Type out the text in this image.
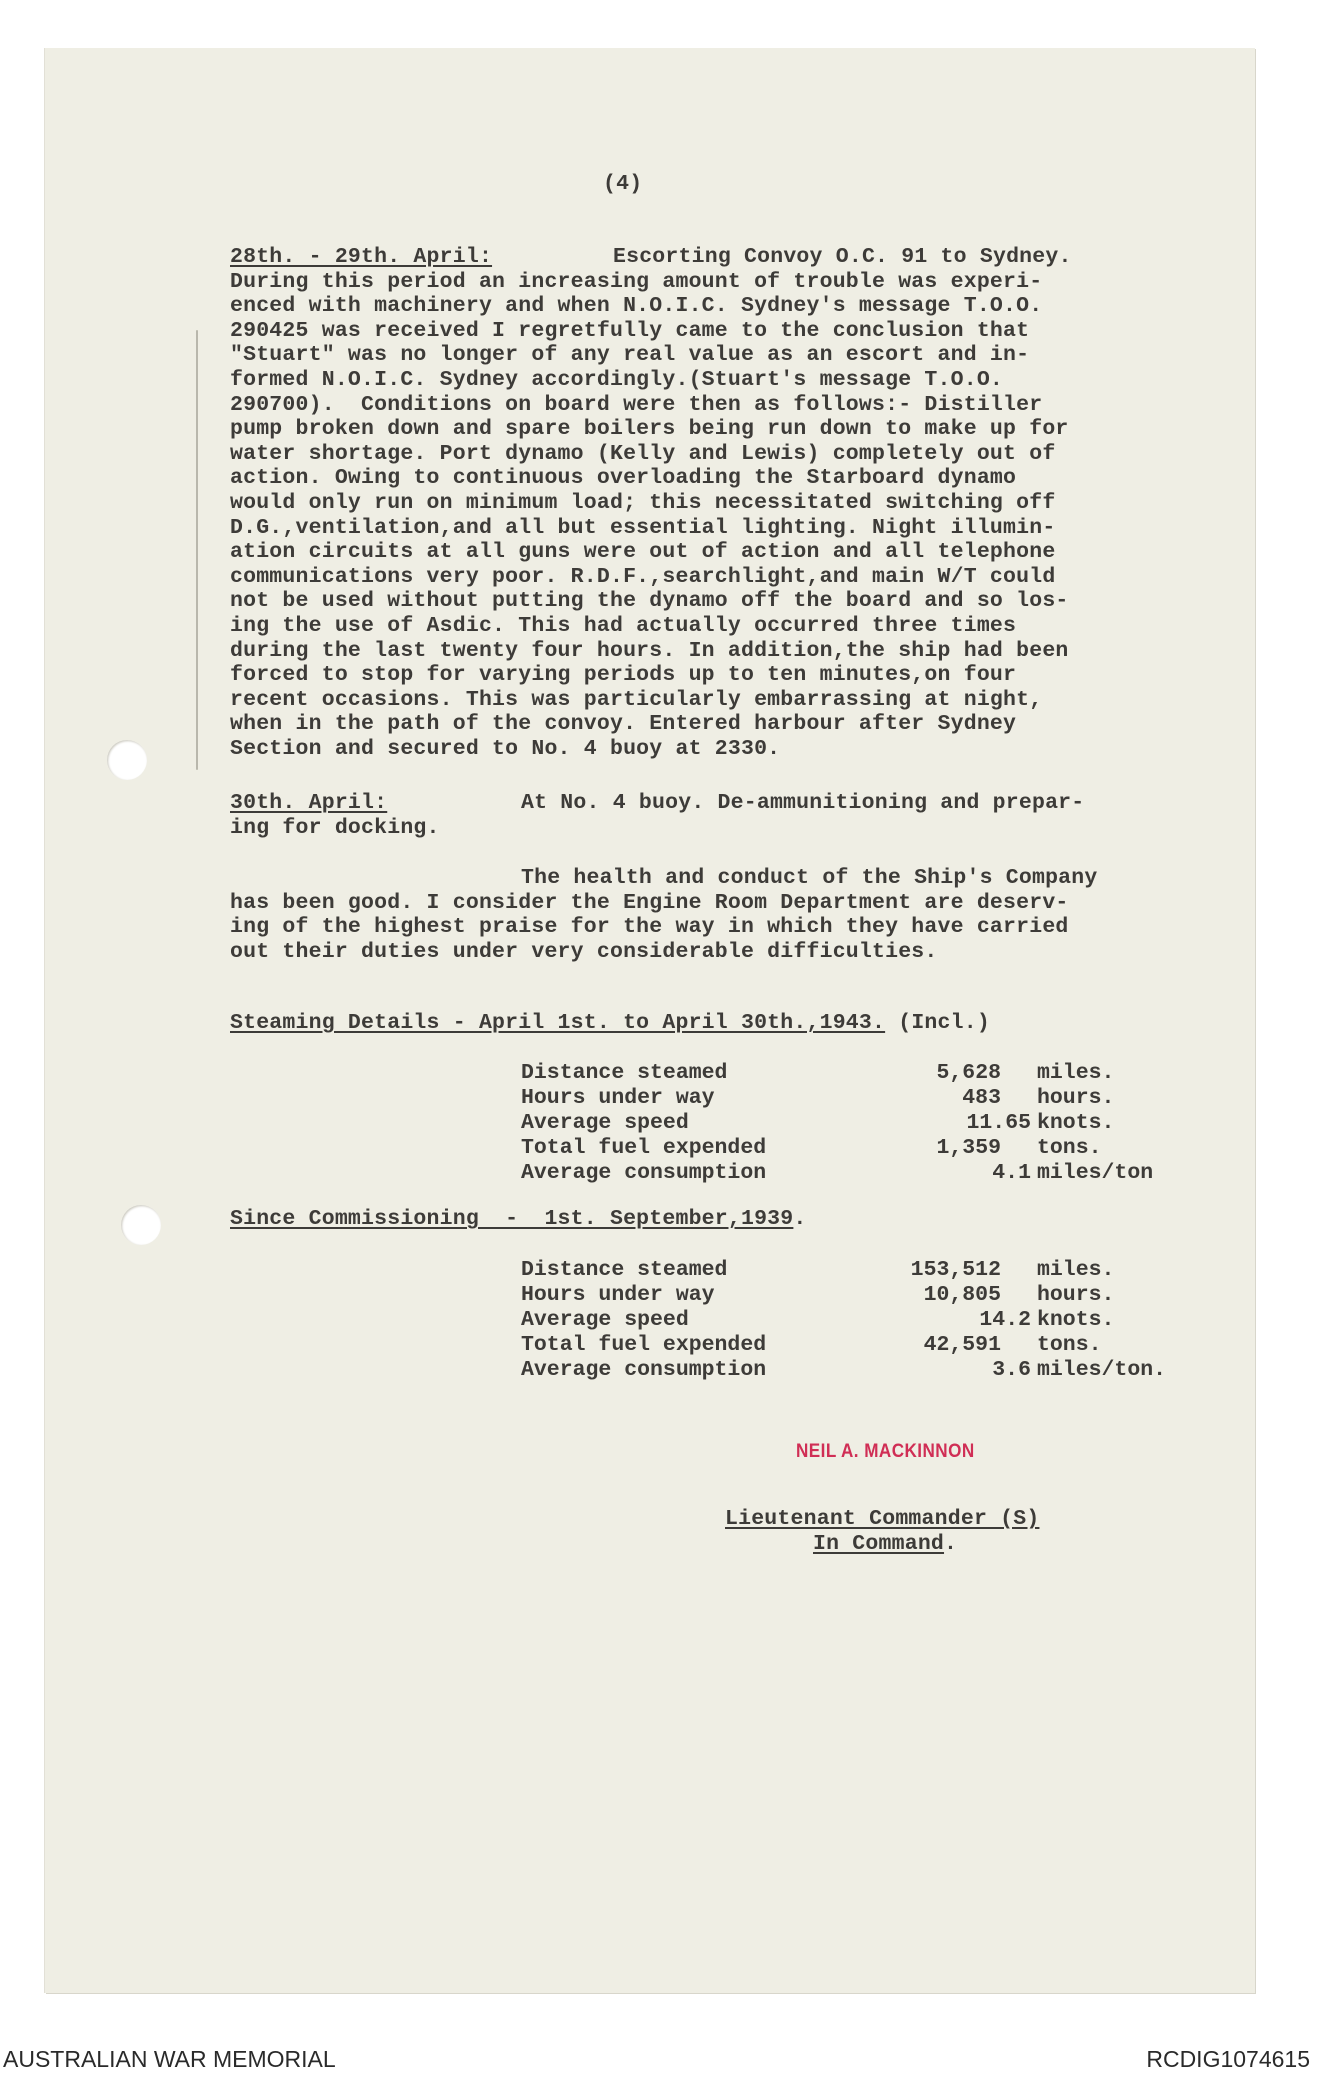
(4)

28th. - 29th. April:	Escorting Convoy O.C. 91 to Sydney.

During this period an increasing amount of trouble was experi-

enced with machinery and when N.O.I.C. Sydney's message T.O.O.

290425 was received I regretfully came to the conclusion that

"Stuart" was no longer of any real value as an escort and in-

formed N.O.I.C. Sydney accordingly.(Stuart's message T.O.O.

290700).  Conditions on board were then as follows:- Distiller

pump broken down and spare boilers being run down to make up for

water shortage. Port dynamo (Kelly and Lewis) completely out of

action. Owing to continuous overloading the Starboard dynamo

would only run on minimum load; this necessitated switching off

D.G.,ventilation,and all but essential lighting. Night illumin-

ation circuits at all guns were out of action and all telephone

communications very poor. R.D.F.,searchlight,and main W/T could

not be used without putting the dynamo off the board and so los-

ing the use of Asdic. This had actually occurred three times

during the last twenty four hours. In addition,the ship had been

forced to stop for varying periods up to ten minutes,on four

recent occasions. This was particularly embarrassing at night,

when in the path of the convoy. Entered harbour after Sydney

Section and secured to No. 4 buoy at 2330.

30th. April:	At No. 4 buoy. De-ammunitioning and prepar-

ing for docking.

The health and conduct of the Ship's Company

has been good. I consider the Engine Room Department are deserv-

ing of the highest praise for the way in which they have carried

out their duties under very considerable difficulties.

Steaming Details - April 1st. to April 30th.,1943. (Incl.)

Distance steamed	5,628 miles.
Hours under way	483 hours.
Average speed	11.65 knots.
Total fuel expended	1,359 tons.
Average consumption	4.1 miles/ton

Since Commissioning  -  1st. September,1939.

Distance steamed	153,512 miles.
Hours under way	10,805 hours.
Average speed	14.2 knots.
Total fuel expended	42,591 tons.
Average consumption	3.6 miles/ton.
NEIL A. MACKINNON

Lieutenant Commander (S)

In Command.

AUSTRALIAN WAR MEMORIAL	RCDIG1074615
